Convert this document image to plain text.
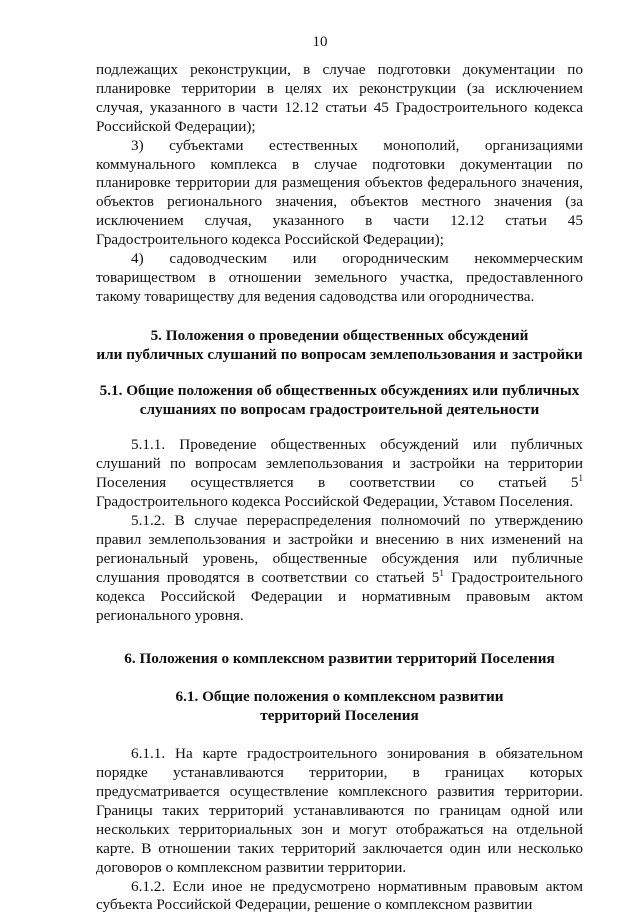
10

подлежащих реконструкции, в случае подготовки документации по планировке территории в целях их реконструкции (за исключением случая, указанного в части 12.12 статьи 45 Градостроительного кодекса Российской Федерации);

3) субъектами естественных монополий, организациями коммунального комплекса в случае подготовки документации по планировке территории для размещения объектов федерального значения, объектов регионального значения, объектов местного значения (за исключением случая, указанного в части 12.12 статьи 45 Градостроительного кодекса Российской Федерации);

4) садоводческим или огородническим некоммерческим товариществом в отношении земельного участка, предоставленного такому товариществу для ведения садоводства или огородничества.

5. Положения о проведении общественных обсуждений
или публичных слушаний по вопросам землепользования и застройки
5.1. Общие положения об общественных обсуждениях или публичных
слушаниях по вопросам градостроительной деятельности

5.1.1. Проведение общественных обсуждений или публичных слушаний по вопросам землепользования и застройки на территории Поселения осуществляется в соответствии со статьей $5^1$ Градостроительного кодекса Российской Федерации, Уставом Поселения.

5.1.2. В случае перераспределения полномочий по утверждению правил землепользования и застройки и внесению в них изменений на региональный уровень, общественные обсуждения или публичные слушания проводятся в соответствии со статьей $5^1$ Градостроительного кодекса Российской Федерации и нормативным правовым актом регионального уровня.

6. Положения о комплексном развитии территорий Поселения
6.1. Общие положения о комплексном развитии
территорий Поселения

6.1.1. На карте градостроительного зонирования в обязательном порядке устанавливаются территории, в границах которых предусматривается осуществление комплексного развития территории. Границы таких территорий устанавливаются по границам одной или нескольких территориальных зон и могут отображаться на отдельной карте. В отношении таких территорий заключается один или несколько договоров о комплексном развитии территории.

6.1.2. Если иное не предусмотрено нормативным правовым актом субъекта Российской Федерации, решение о комплексном развитии
